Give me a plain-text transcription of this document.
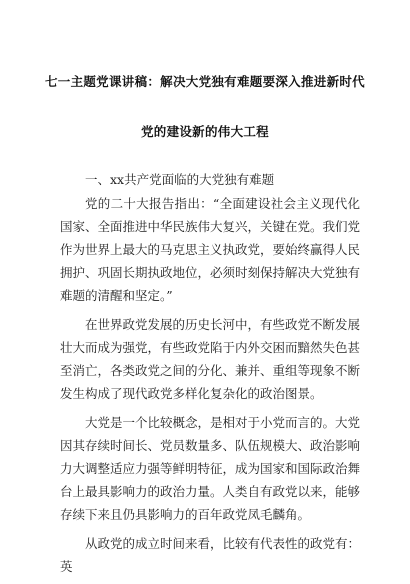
七一主题党课讲稿：解决大党独有难题要深入推进新时代
党的建设新的伟大工程

一、xx共产党面临的大党独有难题

党的二十大报告指出：“全面建设社会主义现代化国家、全面推进中华民族伟大复兴，关键在党。我们党作为世界上最大的马克思主义执政党，要始终赢得人民拥护、巩固长期执政地位，必须时刻保持解决大党独有难题的清醒和坚定。”

在世界政党发展的历史长河中，有些政党不断发展壮大而成为强党，有些政党陷于内外交困而黯然失色甚至消亡，各类政党之间的分化、兼并、重组等现象不断发生构成了现代政党多样化复杂化的政治图景。

大党是一个比较概念，是相对于小党而言的。大党因其存续时间长、党员数量多、队伍规模大、政治影响力大调整适应力强等鲜明特征，成为国家和国际政治舞台上最具影响力的政治力量。人类自有政党以来，能够存续下来且仍具影响力的百年政党凤毛麟角。

从政党的成立时间来看，比较有代表性的政党有：英
